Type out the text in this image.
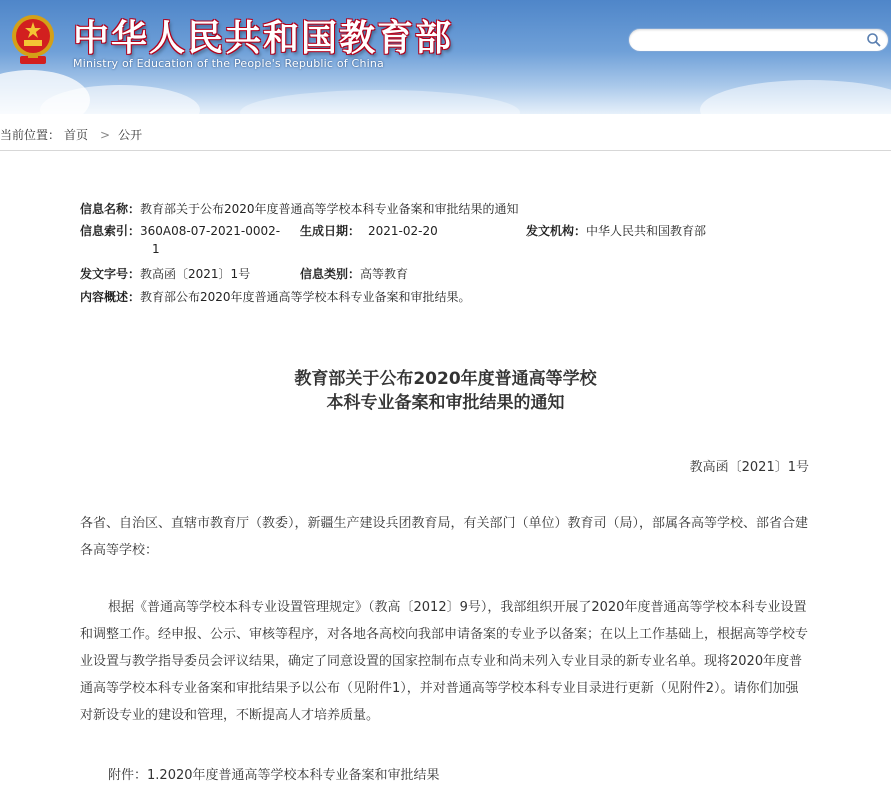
中华人民共和国教育部
Ministry of Education of the People's Republic of China
当前位置： 首页 > 公开
信息名称：教育部关于公布2020年度普通高等学校本科专业备案和审批结果的通知
信息索引：360A08-07-2021-0002-
1
生成日期： 2021-02-20	发文机构：中华人民共和国教育部
发文字号：教高函〔2021〕1号	信息类别：高等教育
内容概述：教育部公布2020年度普通高等学校本科专业备案和审批结果。
教育部关于公布2020年度普通高等学校
本科专业备案和审批结果的通知
教高函〔2021〕1号
各省、自治区、直辖市教育厅（教委），新疆生产建设兵团教育局，有关部门（单位）教育司（局），部属各高等学校、部省合建各高等学校：
根据《普通高等学校本科专业设置管理规定》（教高〔2012〕9号），我部组织开展了2020年度普通高等学校本科专业设置和调整工作。经申报、公示、审核等程序，对各地各高校向我部申请备案的专业予以备案；在以上工作基础上，根据高等学校专业设置与教学指导委员会评议结果，确定了同意设置的国家控制布点专业和尚未列入专业目录的新专业名单。现将2020年度普通高等学校本科专业备案和审批结果予以公布（见附件1），并对普通高等学校本科专业目录进行更新（见附件2）。请你们加强对新设专业的建设和管理，不断提高人才培养质量。
附件：1.2020年度普通高等学校本科专业备案和审批结果
